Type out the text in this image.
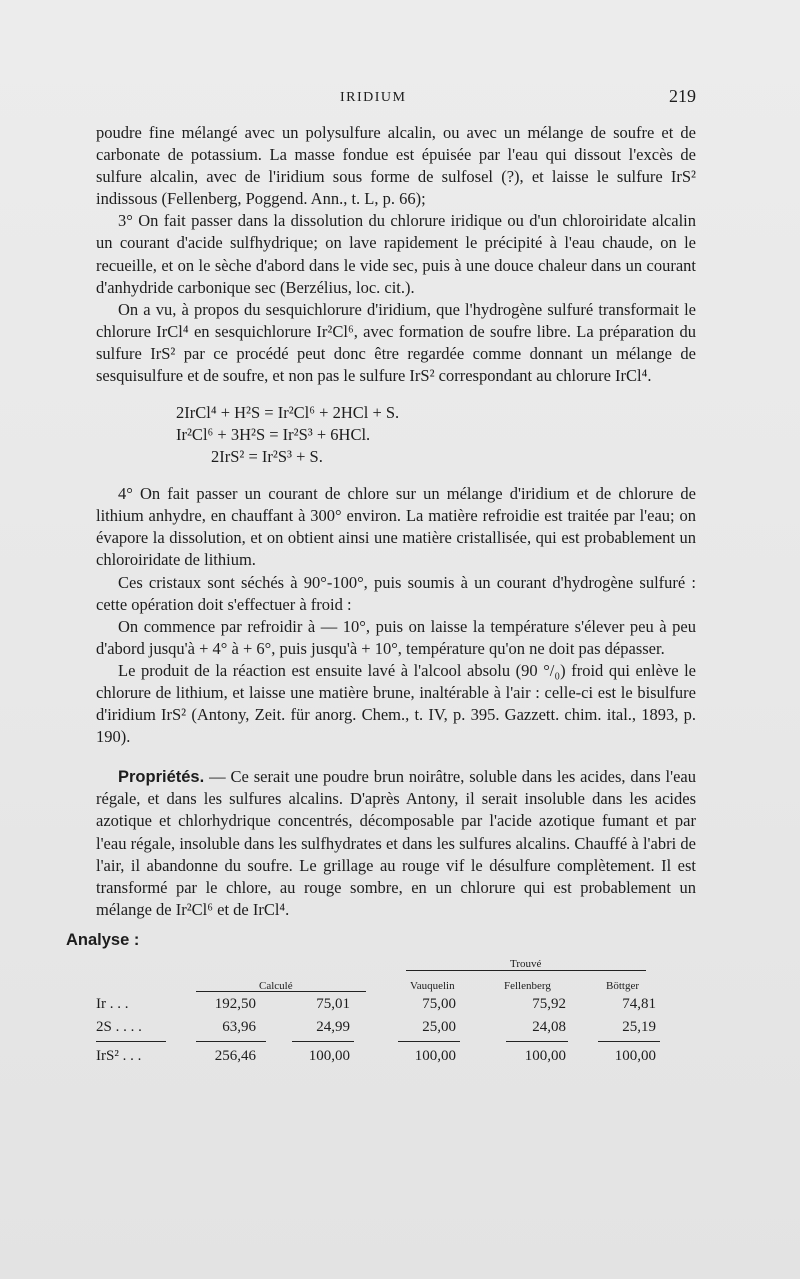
IRIDIUM	219

poudre fine mélangé avec un polysulfure alcalin, ou avec un mélange de soufre et de carbonate de potassium. La masse fondue est épuisée par l'eau qui dissout l'excès de sulfure alcalin, avec de l'iridium sous forme de sulfosel (?), et laisse le sulfure IrS² indissous (Fellenberg, Poggend. Ann., t. L, p. 66);

3° On fait passer dans la dissolution du chlorure iridique ou d'un chloroiridate alcalin un courant d'acide sulfhydrique; on lave rapidement le précipité à l'eau chaude, on le recueille, et on le sèche d'abord dans le vide sec, puis à une douce chaleur dans un courant d'anhydride carbonique sec (Berzélius, loc. cit.).

On a vu, à propos du sesquichlorure d'iridium, que l'hydrogène sulfuré transformait le chlorure IrCl⁴ en sesquichlorure Ir²Cl⁶, avec formation de soufre libre. La préparation du sulfure IrS² par ce procédé peut donc être regardée comme donnant un mélange de sesquisulfure et de soufre, et non pas le sulfure IrS² correspondant au chlorure IrCl⁴.

2IrCl⁴ + H²S = Ir²Cl⁶ + 2HCl + S.
Ir²Cl⁶ + 3H²S = Ir²S³ + 6HCl.
2IrS² = Ir²S³ + S.

4° On fait passer un courant de chlore sur un mélange d'iridium et de chlorure de lithium anhydre, en chauffant à 300° environ. La matière refroidie est traitée par l'eau; on évapore la dissolution, et on obtient ainsi une matière cristallisée, qui est probablement un chloroiridate de lithium.

Ces cristaux sont séchés à 90°-100°, puis soumis à un courant d'hydrogène sulfuré : cette opération doit s'effectuer à froid :

On commence par refroidir à — 10°, puis on laisse la température s'élever peu à peu d'abord jusqu'à + 4° à + 6°, puis jusqu'à + 10°, température qu'on ne doit pas dépasser.

Le produit de la réaction est ensuite lavé à l'alcool absolu (90 °/₀) froid qui enlève le chlorure de lithium, et laisse une matière brune, inaltérable à l'air : celle-ci est le bisulfure d'iridium IrS² (Antony, Zeit. für anorg. Chem., t. IV, p. 395. Gazzett. chim. ital., 1893, p. 190).

Propriétés. — Ce serait une poudre brun noirâtre, soluble dans les acides, dans l'eau régale, et dans les sulfures alcalins. D'après Antony, il serait insoluble dans les acides azotique et chlorhydrique concentrés, décomposable par l'acide azotique fumant et par l'eau régale, insoluble dans les sulfhydrates et dans les sulfures alcalins. Chauffé à l'abri de l'air, il abandonne du soufre. Le grillage au rouge vif le désulfure complètement. Il est transformé par le chlore, au rouge sombre, en un chlorure qui est probablement un mélange de Ir²Cl⁶ et de IrCl⁴.

Analyse :
Trouvé
Calculé	Vauquelin	Fellenberg	Böttger
Ir . . .	192,50	75,01	75,00	75,92	74,81
2S . . . .	63,96	24,99	25,00	24,08	25,19
IrS² . . .	256,46	100,00	100,00	100,00	100,00
